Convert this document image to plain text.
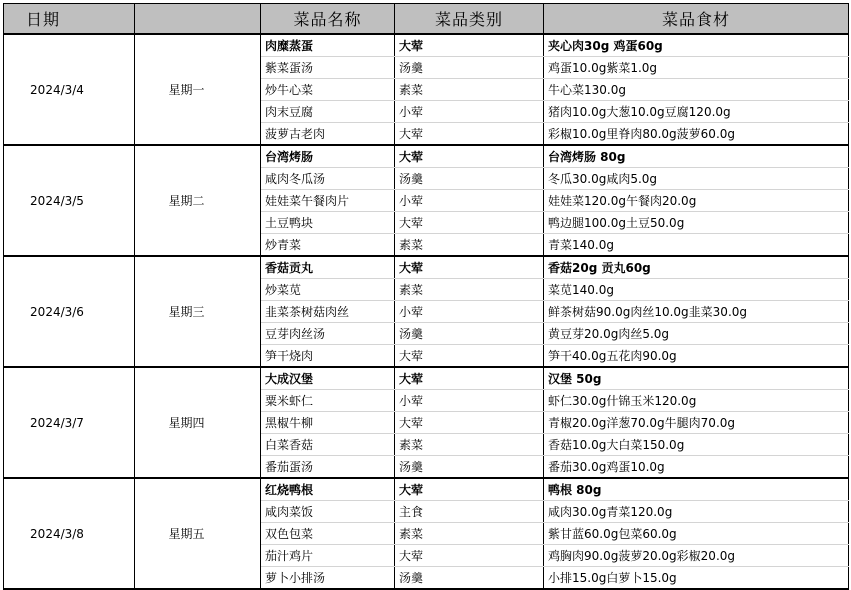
日期		菜品名称	菜品类别	菜品食材
2024/3/4	星期一	肉糜蒸蛋	大荤	夹心肉30g 鸡蛋60g
		紫菜蛋汤	汤羹	鸡蛋10.0g紫菜1.0g
		炒牛心菜	素菜	牛心菜130.0g
		肉末豆腐	小荤	猪肉10.0g大葱10.0g豆腐120.0g
		菠萝古老肉	大荤	彩椒10.0g里脊肉80.0g菠萝60.0g
2024/3/5	星期二	台湾烤肠	大荤	台湾烤肠 80g
		咸肉冬瓜汤	汤羹	冬瓜30.0g咸肉5.0g
		娃娃菜午餐肉片	小荤	娃娃菜120.0g午餐肉20.0g
		土豆鸭块	大荤	鸭边腿100.0g土豆50.0g
		炒青菜	素菜	青菜140.0g
2024/3/6	星期三	香菇贡丸	大荤	香菇20g 贡丸60g
		炒菜苋	素菜	菜苋140.0g
		韭菜茶树菇肉丝	小荤	鲜茶树菇90.0g肉丝10.0g韭菜30.0g
		豆芽肉丝汤	汤羹	黄豆芽20.0g肉丝5.0g
		笋干烧肉	大荤	笋干40.0g五花肉90.0g
2024/3/7	星期四	大成汉堡	大荤	汉堡 50g
		粟米虾仁	小荤	虾仁30.0g什锦玉米120.0g
		黑椒牛柳	大荤	青椒20.0g洋葱70.0g牛腿肉70.0g
		白菜香菇	素菜	香菇10.0g大白菜150.0g
		番茄蛋汤	汤羹	番茄30.0g鸡蛋10.0g
2024/3/8	星期五	红烧鸭根	大荤	鸭根 80g
		咸肉菜饭	主食	咸肉30.0g青菜120.0g
		双色包菜	素菜	紫甘蓝60.0g包菜60.0g
		茄汁鸡片	大荤	鸡胸肉90.0g菠萝20.0g彩椒20.0g
		萝卜小排汤	汤羹	小排15.0g白萝卜15.0g
